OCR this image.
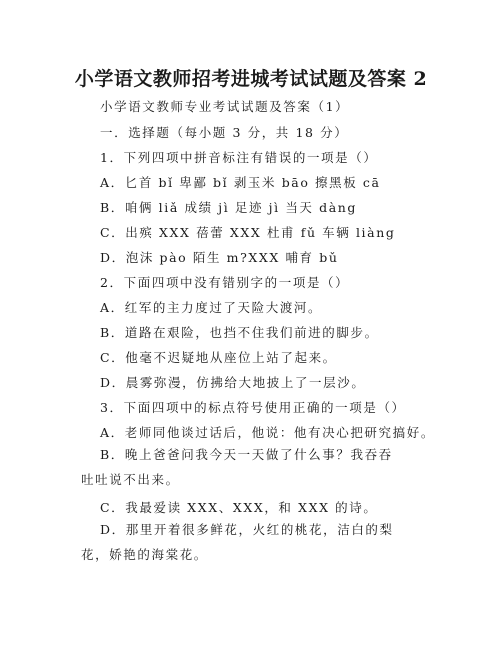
小学语文教师招考进城考试试题及答案 2
小学语文教师专业考试试题及答案（1）
一．选择题（每小题 3 分，共 18 分）
1．下列四项中拼音标注有错误的一项是（）
A．匕首 bǐ 卑鄙 bǐ 剥玉米 bāo 擦黑板 cā
B．咱俩 liǎ 成绩 jì 足迹 jì 当天 dàng
C．出殡 XXX 蓓蕾 XXX 杜甫 fǔ 车辆 liàng
D．泡沫 pào 陌生 m?XXX 哺育 bǔ
2．下面四项中没有错别字的一项是（）
A．红军的主力度过了天险大渡河。
B．道路在艰险，也挡不住我们前进的脚步。
C．他毫不迟疑地从座位上站了起来。
D．晨雾弥漫，仿拂给大地披上了一层沙。
3．下面四项中的标点符号使用正确的一项是（）
A．老师同他谈过话后，他说：他有决心把研究搞好。
B．晚上爸爸问我今天一天做了什么事？我吞吞吐吐说不出来。
C．我最爱读 XXX、XXX，和 XXX 的诗。
D．那里开着很多鲜花，火红的桃花，洁白的梨花，娇艳的海棠花。
